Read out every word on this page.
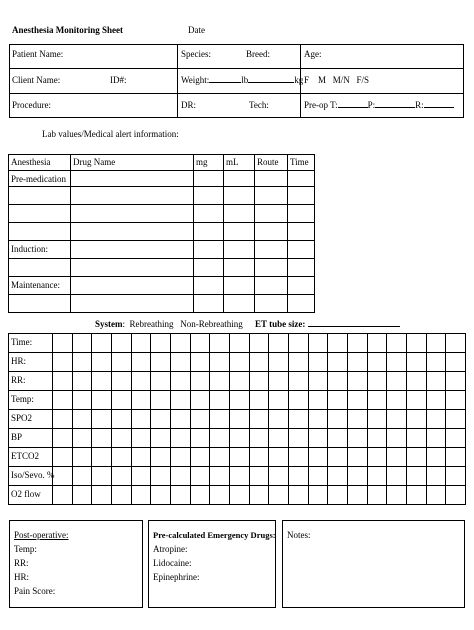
Anesthesia Monitoring Sheet	Date
Patient Name:	Species:	Breed:	Age:
Client Name:	ID#:	Weight:	lb	kg F M M/N F/S
Procedure:	DR:	Tech:	Pre-op T:	P:	R:
Lab values/Medical alert information:
Anesthesia	Drug Name	mg mL Route Time
Pre-medication
Induction:
Maintenance:
System:  Rebreathing Non-Rebreathing ET tube size:
Time:
HR:
RR:
Temp:
SPO2
BP
ETCO2
Iso/Sevo. %
O2 flow
Post-operative:
Temp:
RR:
HR:
Pain Score:
Pre-calculated Emergency Drugs:
Atropine:
Lidocaine:
Epinephrine:
Notes:
